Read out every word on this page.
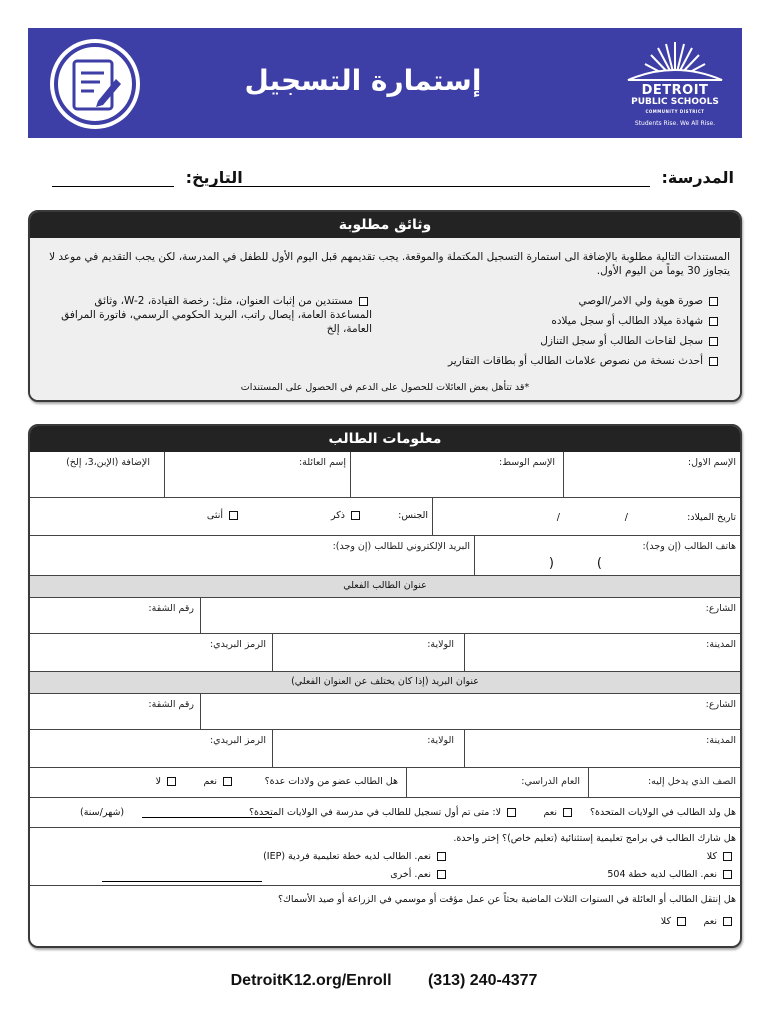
إستمارة التسجيل	DETROIT
PUBLIC SCHOOLS
COMMUNITY DISTRICT
Students Rise. We All Rise.
المدرسة:
التاريخ:
وثائق مطلوبة
المستندات التالية مطلوبة بالإضافة الى استمارة التسجيل المكتملة والموقعة. يجب تقديمهم قبل اليوم الأول للطفل في المدرسة، لكن يجب التقديم في موعد لا يتجاوز 30 يوماً من اليوم الأول.
صورة هوية ولي الامر/الوصي
شهادة ميلاد الطالب أو سجل ميلاده
سجل لقاحات الطالب أو سجل التنازل
أحدث نسخة من نصوص علامات الطالب أو بطاقات التقارير
مستندين من إثبات العنوان، مثل: رخصة القيادة، W-2، وثائق المساعدة العامة، إيصال راتب، البريد الحكومي الرسمي، فاتورة المرافق العامة، إلخ
*قد تتأهل بعض العائلات للحصول على الدعم في الحصول على المستندات
معلومات الطالب
الإسم الاول:
الإسم الوسط:
إسم العائلة:
الإضافة (الإبن،3، إلخ)
تاريخ الميلاد:
/
/
الجنس:
ذكر
أنثى
هاتف الطالب (إن وجد):
(	)
البريد الإلكتروني للطالب (إن وجد):
عنوان الطالب الفعلي
الشارع:
رقم الشقة:
المدينة:
الولاية:
الرمز البريدي:
عنوان البريد (إذا كان يختلف عن العنوان الفعلي)
الشارع:
رقم الشقة:
المدينة:
الولاية:
الرمز البريدي:
الصف الذي يدخل إليه:
العام الدراسي:
هل الطالب عضو من ولادات عدة؟
نعم
لا
هل ولد الطالب في الولايات المتحدة؟
نعم
لا: متى تم أول تسجيل للطالب في مدرسة في الولايات المتحدة؟
(شهر/سنة)
هل شارك الطالب في برامج تعليمية إستثنائية (تعليم خاص)؟ إختر واحدة.
كلا
نعم. الطالب لديه خطة 504
نعم. الطالب لديه خطة تعليمية فردية (IEP)
نعم. أخرى
هل إنتقل الطالب أو العائلة في السنوات الثلاث الماضية بحثاً عن عمل مؤقت أو موسمي في الزراعة أو صيد الأسماك؟
نعم
كلا
DetroitK12.org/Enroll (313) 240-4377
